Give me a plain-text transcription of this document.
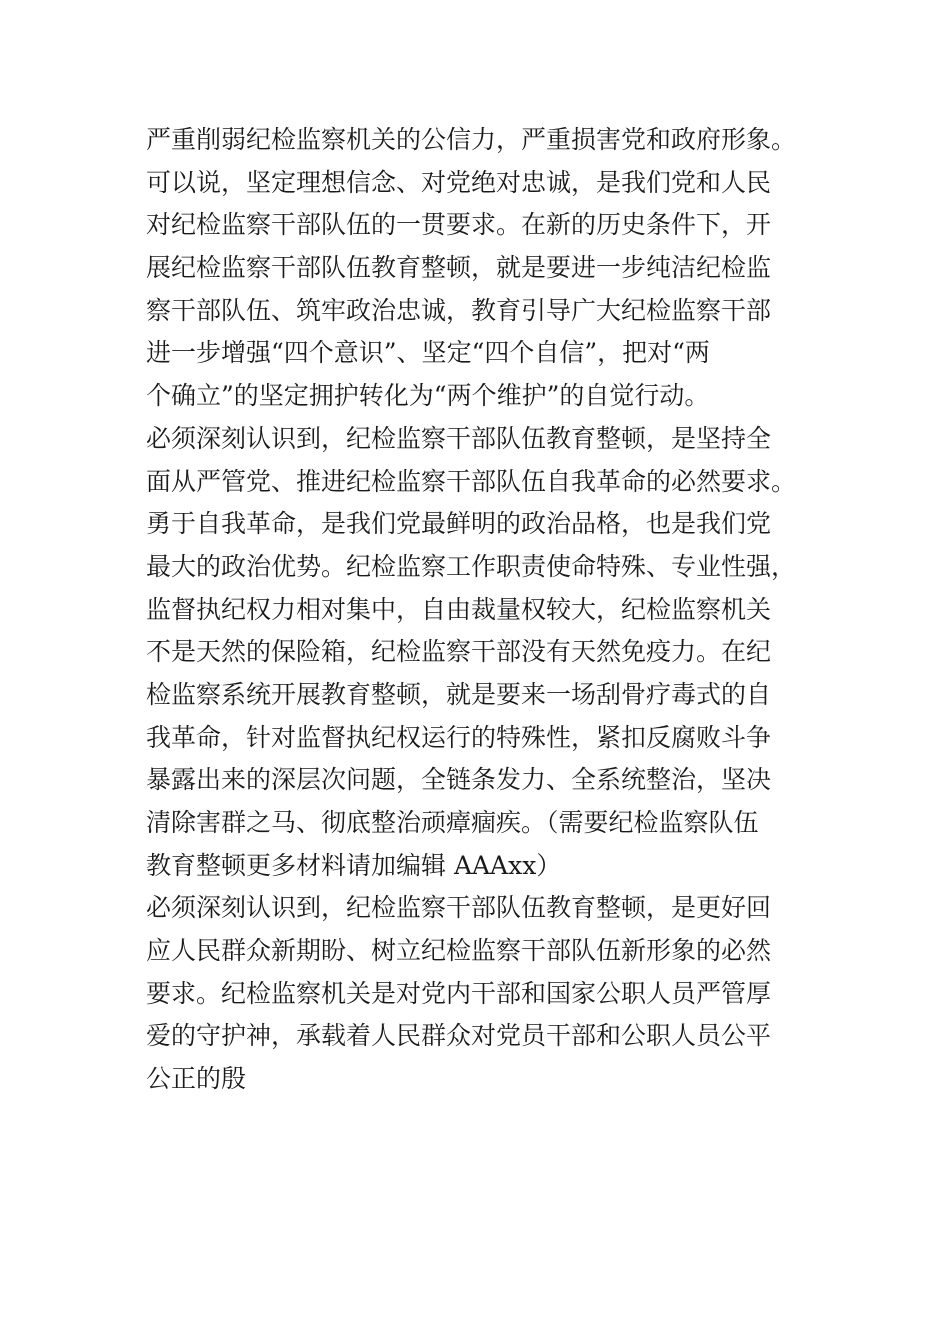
严重削弱纪检监察机关的公信力，严重损害党和政府形象。
可以说，坚定理想信念、对党绝对忠诚，是我们党和人民
对纪检监察干部队伍的一贯要求。在新的历史条件下，开
展纪检监察干部队伍教育整顿，就是要进一步纯洁纪检监
察干部队伍、筑牢政治忠诚，教育引导广大纪检监察干部
进一步增强“四个意识”、坚定“四个自信”，把对“两
个确立”的坚定拥护转化为“两个维护”的自觉行动。
必须深刻认识到，纪检监察干部队伍教育整顿，是坚持全
面从严管党、推进纪检监察干部队伍自我革命的必然要求。
勇于自我革命，是我们党最鲜明的政治品格，也是我们党
最大的政治优势。纪检监察工作职责使命特殊、专业性强，
监督执纪权力相对集中，自由裁量权较大，纪检监察机关
不是天然的保险箱，纪检监察干部没有天然免疫力。在纪
检监察系统开展教育整顿，就是要来一场刮骨疗毒式的自
我革命，针对监督执纪权运行的特殊性，紧扣反腐败斗争
暴露出来的深层次问题，全链条发力、全系统整治，坚决
清除害群之马、彻底整治顽瘴痼疾。（需要纪检监察队伍
教育整顿更多材料请加编辑 AAAxx）
必须深刻认识到，纪检监察干部队伍教育整顿，是更好回
应人民群众新期盼、树立纪检监察干部队伍新形象的必然
要求。纪检监察机关是对党内干部和国家公职人员严管厚
爱的守护神，承载着人民群众对党员干部和公职人员公平
公正的殷
